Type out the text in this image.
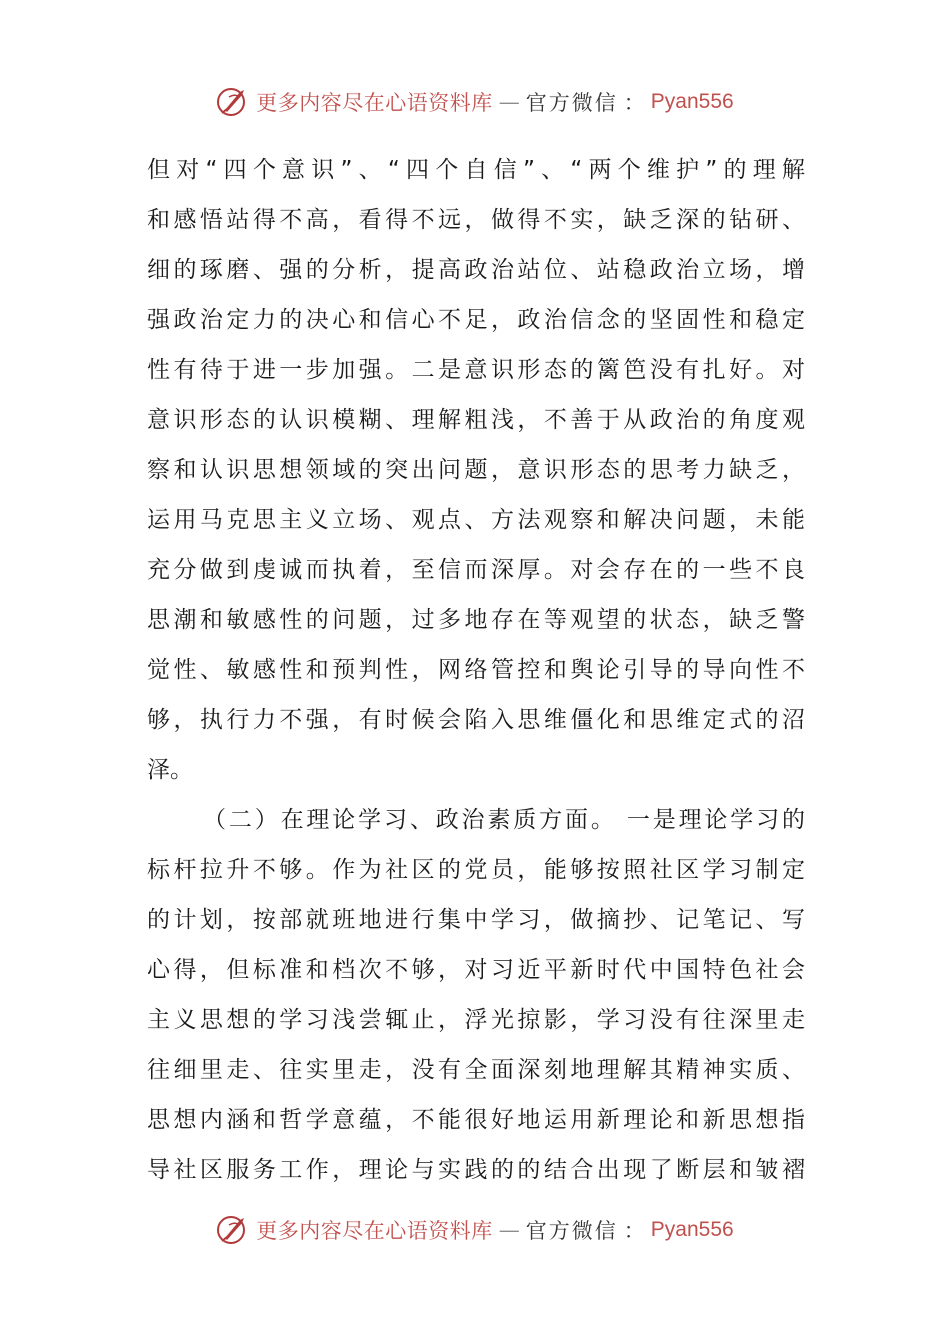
更多内容尽在心语资料库 — 官方微信 ： Pyan556
但对“四个意识”、“四个自信”、“两个维护”的理解
和感悟站得不高，看得不远，做得不实，缺乏深的钻研、
细的琢磨、强的分析，提高政治站位、站稳政治立场，增
强政治定力的决心和信心不足，政治信念的坚固性和稳定
性有待于进一步加强。二是意识形态的篱笆没有扎好。对
意识形态的认识模糊、理解粗浅，不善于从政治的角度观
察和认识思想领域的突出问题，意识形态的思考力缺乏，
运用马克思主义立场、观点、方法观察和解决问题，未能
充分做到虔诚而执着，至信而深厚。对会存在的一些不良
思潮和敏感性的问题，过多地存在等观望的状态，缺乏警
觉性、敏感性和预判性，网络管控和舆论引导的导向性不
够，执行力不强，有时候会陷入思维僵化和思维定式的沼
泽。
（二）在理论学习、政治素质方面。 一是理论学习的
标杆拉升不够。作为社区的党员，能够按照社区学习制定
的计划，按部就班地进行集中学习，做摘抄、记笔记、写
心得，但标准和档次不够，对习近平新时代中国特色社会
主义思想的学习浅尝辄止，浮光掠影，学习没有往深里走
往细里走、往实里走，没有全面深刻地理解其精神实质、
思想内涵和哲学意蕴，不能很好地运用新理论和新思想指
导社区服务工作，理论与实践的的结合出现了断层和皱褶
更多内容尽在心语资料库 — 官方微信 ： Pyan556
